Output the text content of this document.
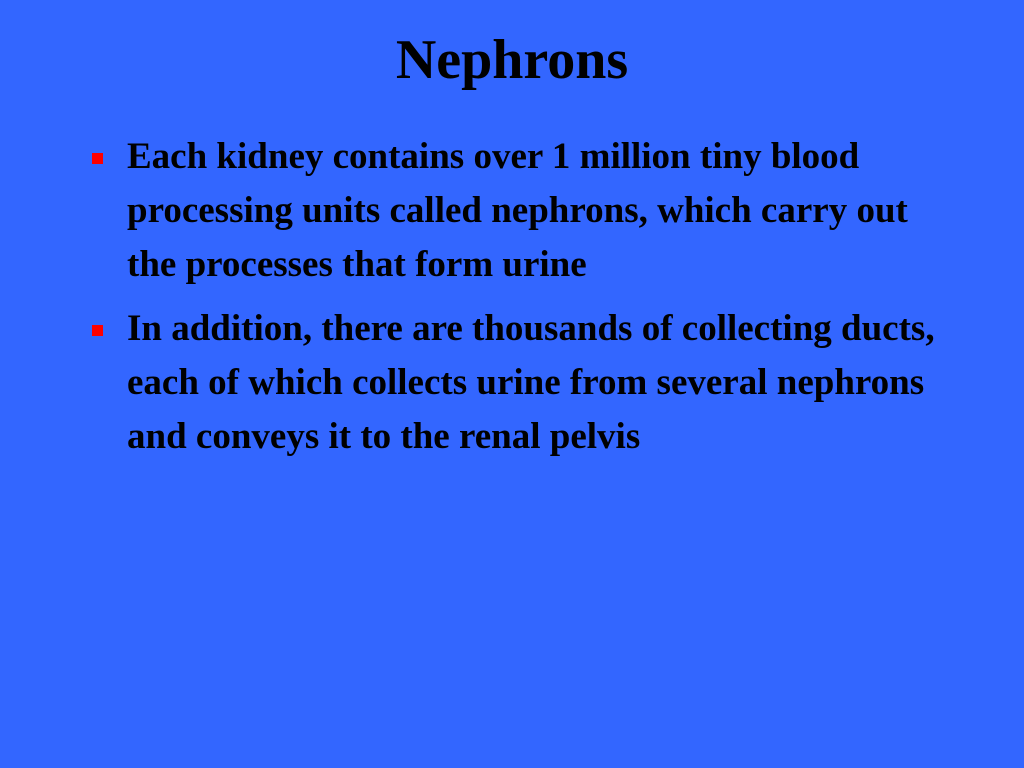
Nephrons
Each kidney contains over 1 million tiny blood processing units called nephrons, which carry out the processes that form urine
In addition, there are thousands of collecting ducts, each of which collects urine from several nephrons and conveys it to the renal pelvis
